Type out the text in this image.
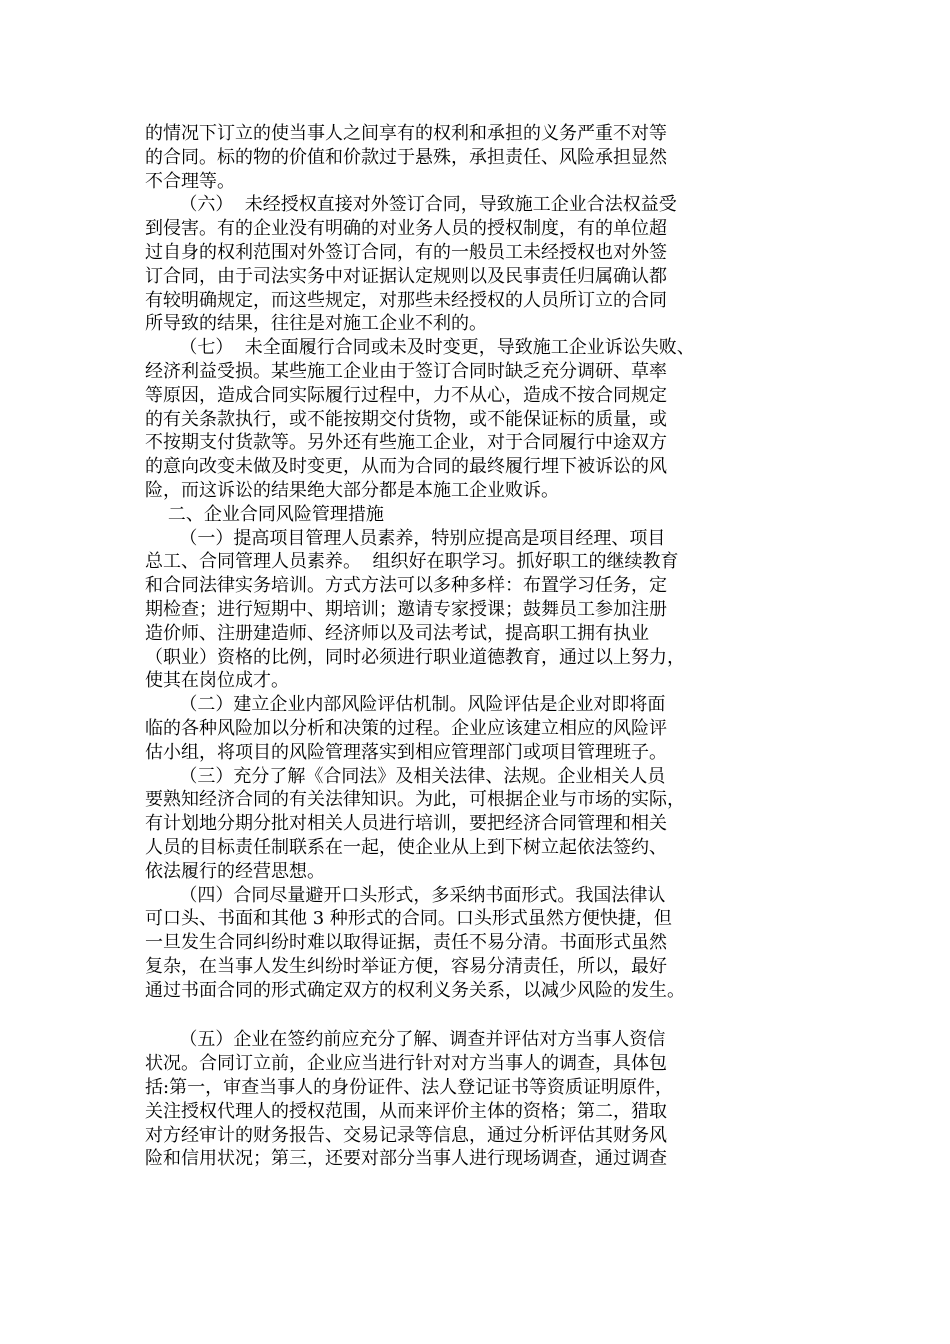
的情况下订立的使当事人之间享有的权利和承担的义务严重不对等
的合同。标的物的价值和价款过于悬殊，承担责任、风险承担显然
不合理等。
（六）  未经授权直接对外签订合同，导致施工企业合法权益受
到侵害。有的企业没有明确的对业务人员的授权制度，有的单位超
过自身的权利范围对外签订合同，有的一般员工未经授权也对外签
订合同，由于司法实务中对证据认定规则以及民事责任归属确认都
有较明确规定，而这些规定，对那些未经授权的人员所订立的合同
所导致的结果，往往是对施工企业不利的。
（七）  未全面履行合同或未及时变更，导致施工企业诉讼失败、
经济利益受损。某些施工企业由于签订合同时缺乏充分调研、草率
等原因，造成合同实际履行过程中，力不从心，造成不按合同规定
的有关条款执行，或不能按期交付货物，或不能保证标的质量，或
不按期支付货款等。另外还有些施工企业，对于合同履行中途双方
的意向改变未做及时变更，从而为合同的最终履行埋下被诉讼的风
险，而这诉讼的结果绝大部分都是本施工企业败诉。
二、企业合同风险管理措施
（一）提高项目管理人员素养，特别应提高是项目经理、项目
总工、合同管理人员素养。  组织好在职学习。抓好职工的继续教育
和合同法律实务培训。方式方法可以多种多样：布置学习任务，定
期检查；进行短期中、期培训；邀请专家授课；鼓舞员工参加注册
造价师、注册建造师、经济师以及司法考试，提高职工拥有执业
（职业）资格的比例，同时必须进行职业道德教育，通过以上努力，
使其在岗位成才。
（二）建立企业内部风险评估机制。风险评估是企业对即将面
临的各种风险加以分析和决策的过程。企业应该建立相应的风险评
估小组，将项目的风险管理落实到相应管理部门或项目管理班子。
（三）充分了解《合同法》及相关法律、法规。企业相关人员
要熟知经济合同的有关法律知识。为此，可根据企业与市场的实际，
有计划地分期分批对相关人员进行培训，要把经济合同管理和相关
人员的目标责任制联系在一起，使企业从上到下树立起依法签约、
依法履行的经营思想。
（四）合同尽量避开口头形式，多采纳书面形式。我国法律认
可口头、书面和其他 3 种形式的合同。口头形式虽然方便快捷，但
一旦发生合同纠纷时难以取得证据，责任不易分清。书面形式虽然
复杂，在当事人发生纠纷时举证方便，容易分清责任，所以，最好
通过书面合同的形式确定双方的权利义务关系，以减少风险的发生。
（五）企业在签约前应充分了解、调查并评估对方当事人资信
状况。合同订立前，企业应当进行针对对方当事人的调查，具体包
括:第一，审查当事人的身份证件、法人登记证书等资质证明原件，
关注授权代理人的授权范围，从而来评价主体的资格；第二，猎取
对方经审计的财务报告、交易记录等信息，通过分析评估其财务风
险和信用状况；第三，还要对部分当事人进行现场调查，通过调查
